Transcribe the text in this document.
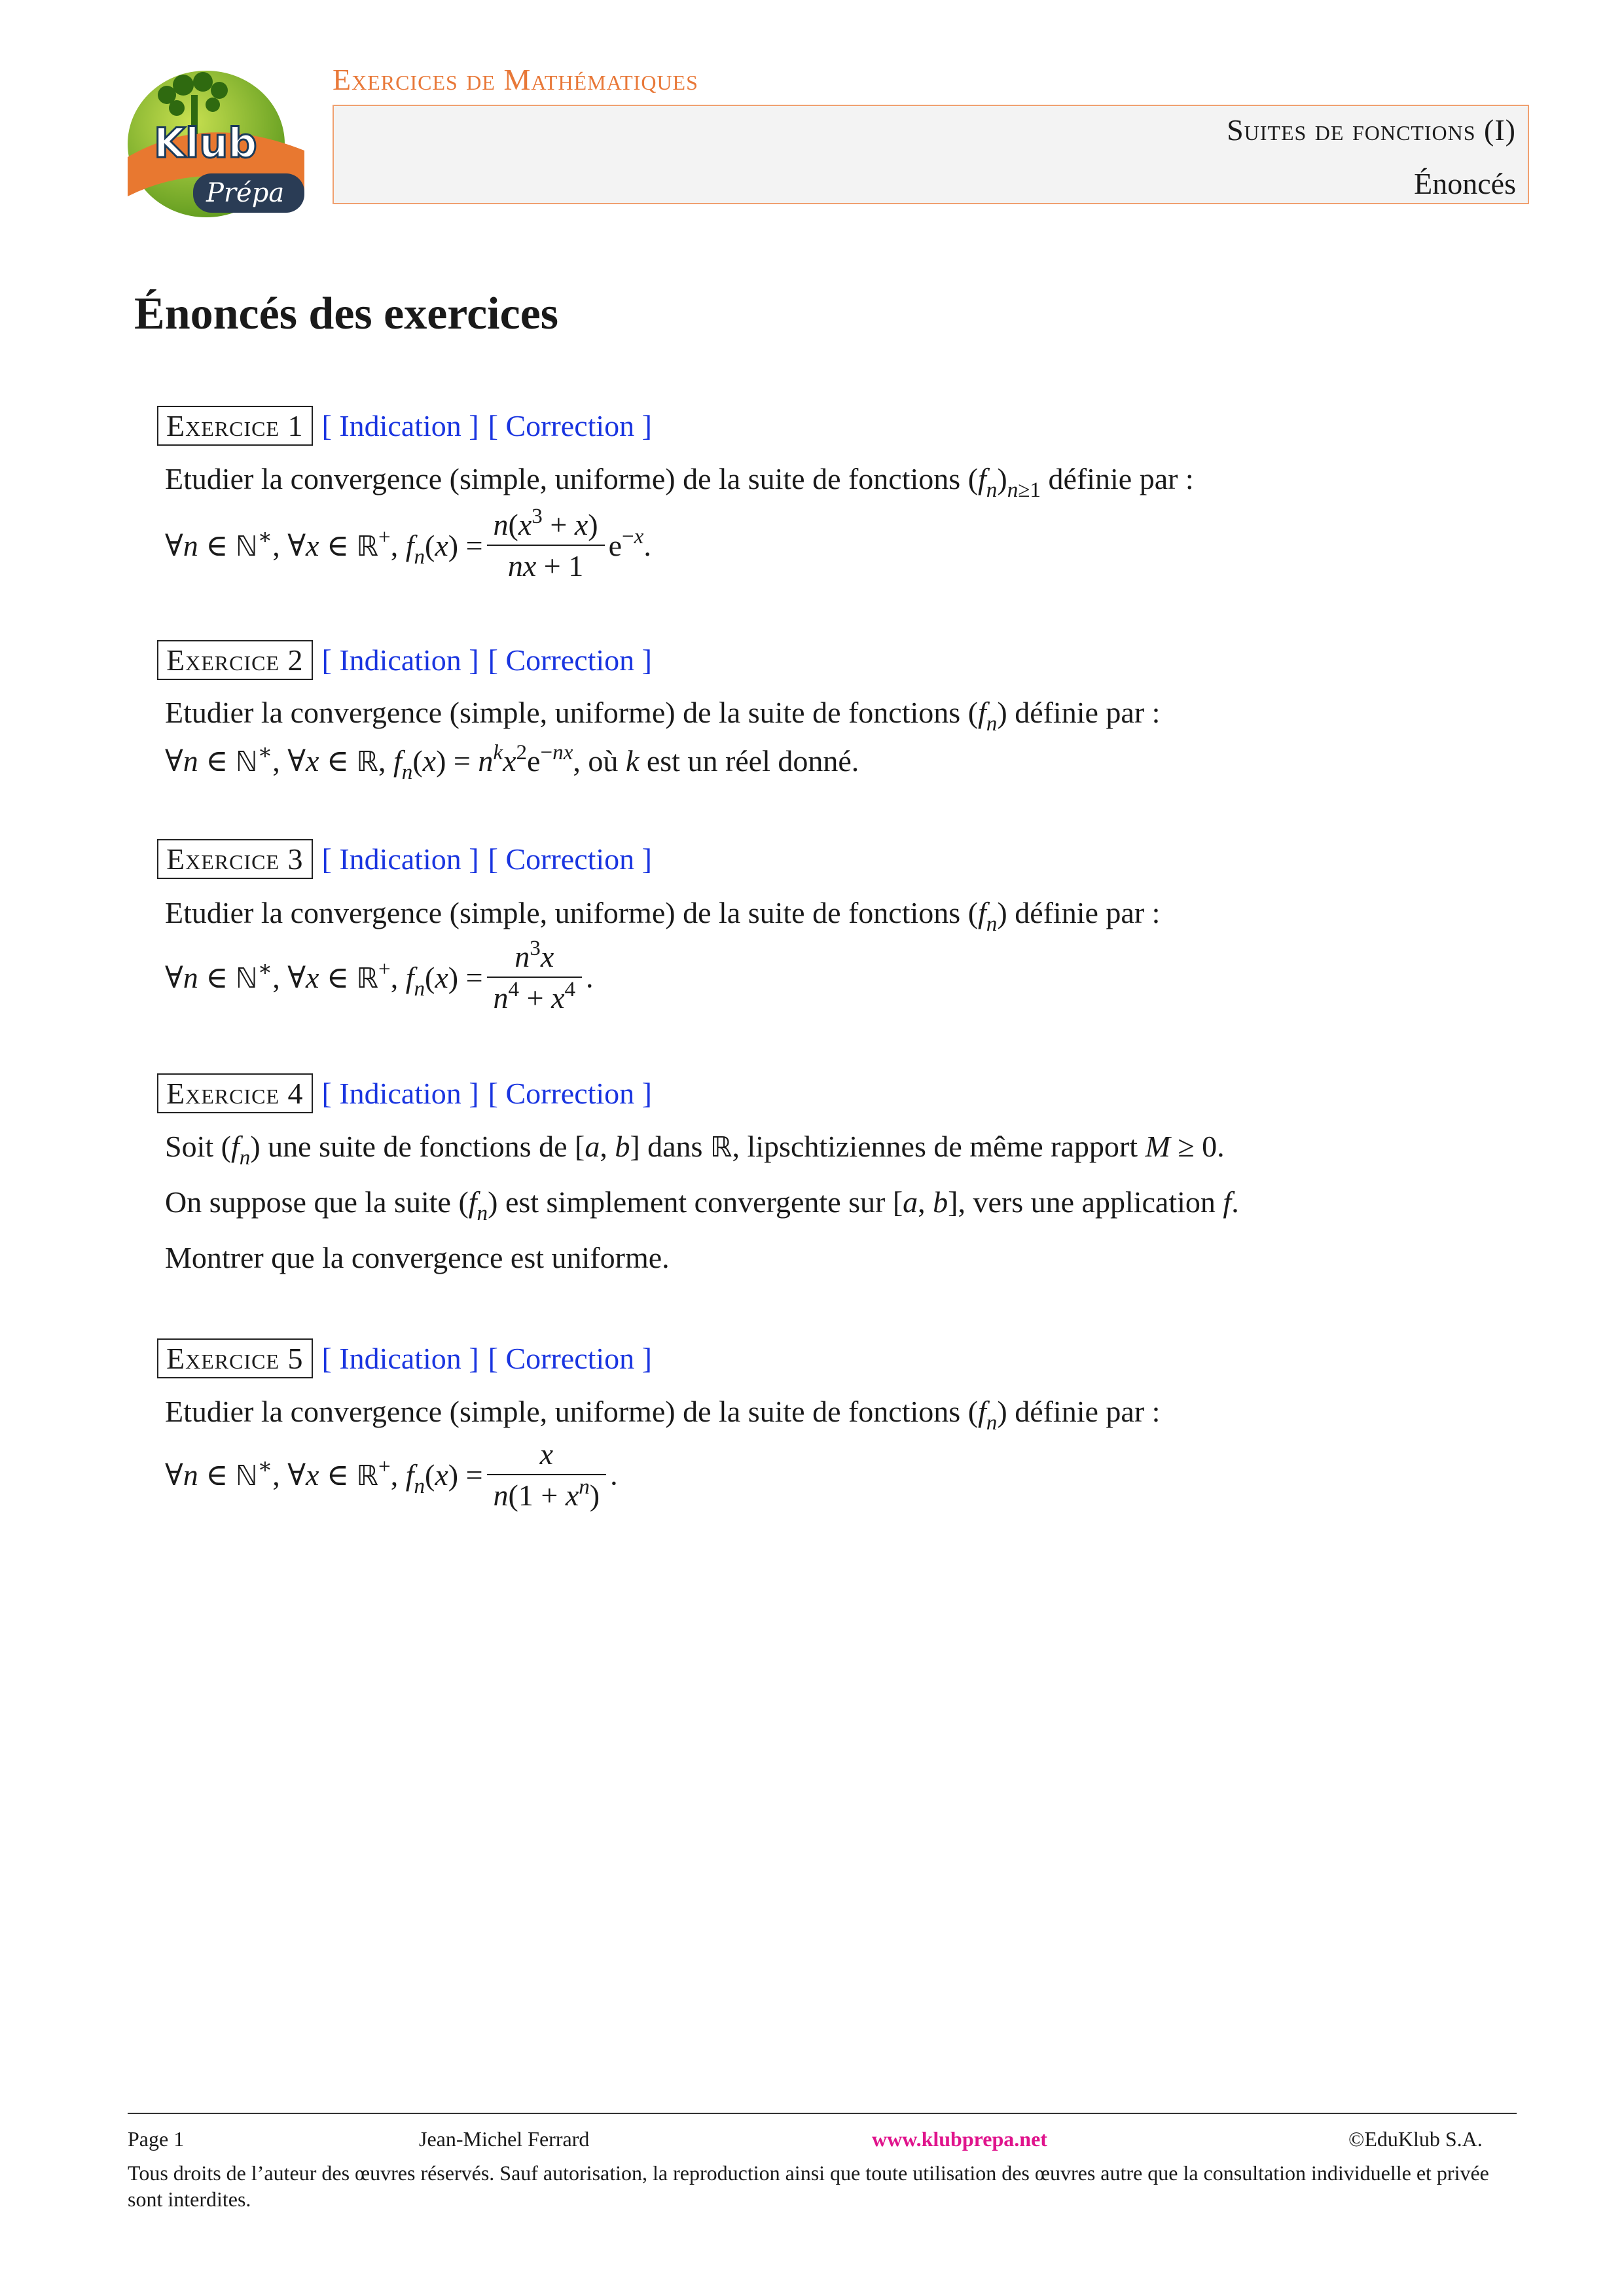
Klub
Prépa
Exercices de Mathématiques
Suites de fonctions (I)
Énoncés
Énoncés des exercices
Exercice 1 [ Indication ] [ Correction ]
Etudier la convergence (simple, uniforme) de la suite de fonctions $(f_n)_{n\ge 1}$ définie par :
∀n ∈ ℕ∗, ∀x ∈ ℝ+, $f_n(x) = \frac{n(x^3 + x)}{nx + 1} e^{-x}$.
Exercice 2 [ Indication ] [ Correction ]
Etudier la convergence (simple, uniforme) de la suite de fonctions $(f_n)$ définie par :
∀n ∈ ℕ∗, ∀x ∈ ℝ, $f_n(x) = n^kx^2e^{-nx}$, où k est un réel donné.
Exercice 3 [ Indication ] [ Correction ]
Etudier la convergence (simple, uniforme) de la suite de fonctions $(f_n)$ définie par :
∀n ∈ ℕ∗, ∀x ∈ ℝ+, $f_n(x) = \frac{n^3x}{n^4 + x^4}$ .
Exercice 4 [ Indication ] [ Correction ]
Soit $(f_n)$ une suite de fonctions de [a, b] dans ℝ, lipschtiziennes de même rapport M ≥ 0.
On suppose que la suite $(f_n)$ est simplement convergente sur [a, b], vers une application f.
Montrer que la convergence est uniforme.
Exercice 5 [ Indication ] [ Correction ]
Etudier la convergence (simple, uniforme) de la suite de fonctions $(f_n)$ définie par :
∀n ∈ ℕ∗, ∀x ∈ ℝ+, $f_n(x) = \frac{x}{n(1 + x^n)}$ .
Page 1	Jean-Michel Ferrard	www.klubprepa.net	©EduKlub S.A.
Tous droits de l’auteur des œuvres réservés. Sauf autorisation, la reproduction ainsi que toute utilisation des œuvres autre que la consultation individuelle et privée sont interdites.
